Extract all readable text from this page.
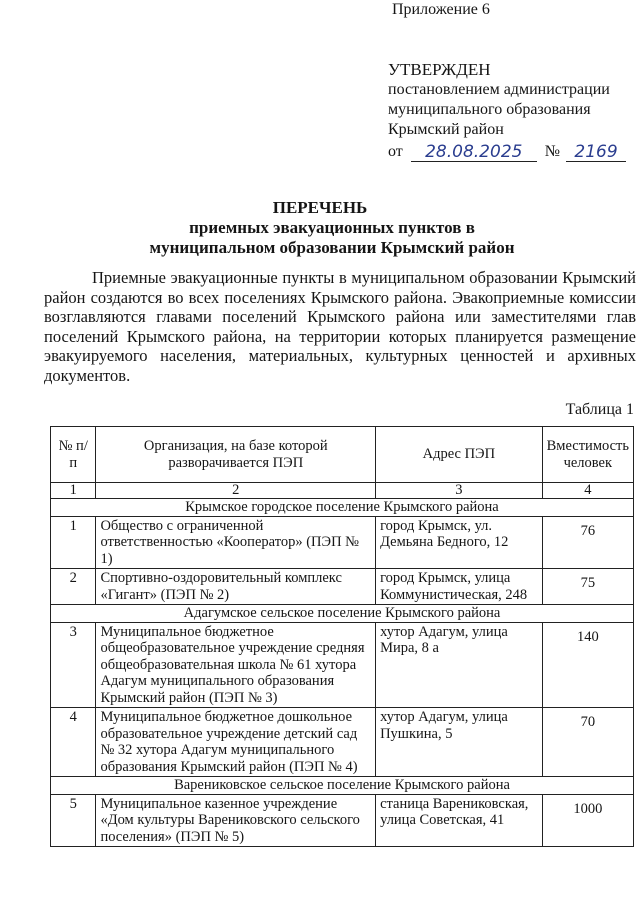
Приложение 6
УТВЕРЖДЕН
постановлением администрации
муниципального образования
Крымский район
от	28.08.2025	№ 2169
ПЕРЕЧЕНЬ
приемных эвакуационных пунктов в
муниципальном образовании Крымский район
Приемные эвакуационные пункты в муниципальном образовании Крымский район создаются во всех поселениях Крымского района. Эвакоприемные комиссии возглавляются главами поселений Крымского района или заместителями глав поселений Крымского района, на территории которых планируется размещение эвакуируемого населения, материальных, культурных ценностей и архивных документов.
Таблица 1
№ п/п	Организация, на базе которой разворачивается ПЭП	Адрес ПЭП	Вместимость человек
1	2	3	4
Крымское городское поселение Крымского района			
1	Общество с ограниченной ответственностью «Кооператор» (ПЭП № 1)	город Крымск, ул. Демьяна Бедного, 12	76
2	Спортивно-оздоровительный комплекс «Гигант» (ПЭП № 2)	город Крымск, улица Коммунистическая, 248	75
Адагумское сельское поселение Крымского района			
3	Муниципальное бюджетное общеобразовательное учреждение средняя общеобразовательная школа № 61 хутора Адагум муниципального образования Крымский район (ПЭП № 3)	хутор Адагум, улица Мира, 8 а	140
4	Муниципальное бюджетное дошкольное образовательное учреждение детский сад № 32 хутора Адагум муниципального образования Крымский район (ПЭП № 4)	хутор Адагум, улица Пушкина, 5	70
Варениковское сельское поселение Крымского района			
5	Муниципальное казенное учреждение «Дом культуры Варениковского сельского поселения» (ПЭП № 5)	станица Варениковская, улица Советская, 41	1000
